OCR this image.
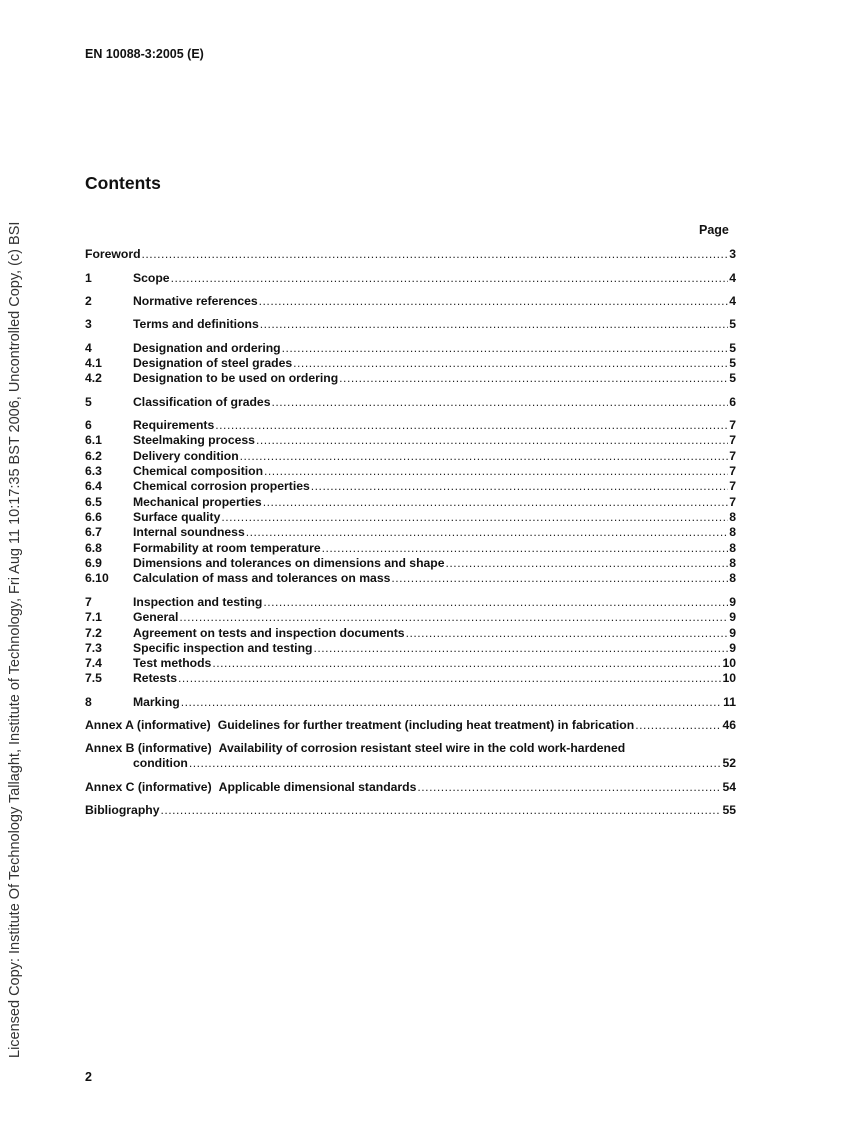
EN 10088-3:2005 (E)
Contents
Page
Foreword .....	3
1	Scope .....	4
2	Normative references .....	4
3	Terms and definitions .....	5
4	Designation and ordering .....	5
4.1	Designation of steel grades .....	5
4.2	Designation to be used on ordering .....	5
5	Classification of grades .....	6
6	Requirements .....	7
6.1	Steelmaking process .....	7
6.2	Delivery condition .....	7
6.3	Chemical composition .....	7
6.4	Chemical corrosion properties .....	7
6.5	Mechanical properties .....	7
6.6	Surface quality .....	8
6.7	Internal soundness .....	8
6.8	Formability at room temperature .....	8
6.9	Dimensions and tolerances on dimensions and shape .....	8
6.10	Calculation of mass and tolerances on mass .....	8
7	Inspection and testing .....	9
7.1	General .....	9
7.2	Agreement on tests and inspection documents .....	9
7.3	Specific inspection and testing .....	9
7.4	Test methods .....	10
7.5	Retests .....	10
8	Marking .....	11
Annex A (informative) Guidelines for further treatment (including heat treatment) in fabrication .....	46
Annex B (informative) Availability of corrosion resistant steel wire in the cold work-hardened
condition .....	52
Annex C (informative) Applicable dimensional standards .....	54
Bibliography .....	55
2
Licensed Copy: Institute Of Technology Tallaght, Institute of Technology, Fri Aug 11 10:17:35 BST 2006, Uncontrolled Copy, (c) BSI
